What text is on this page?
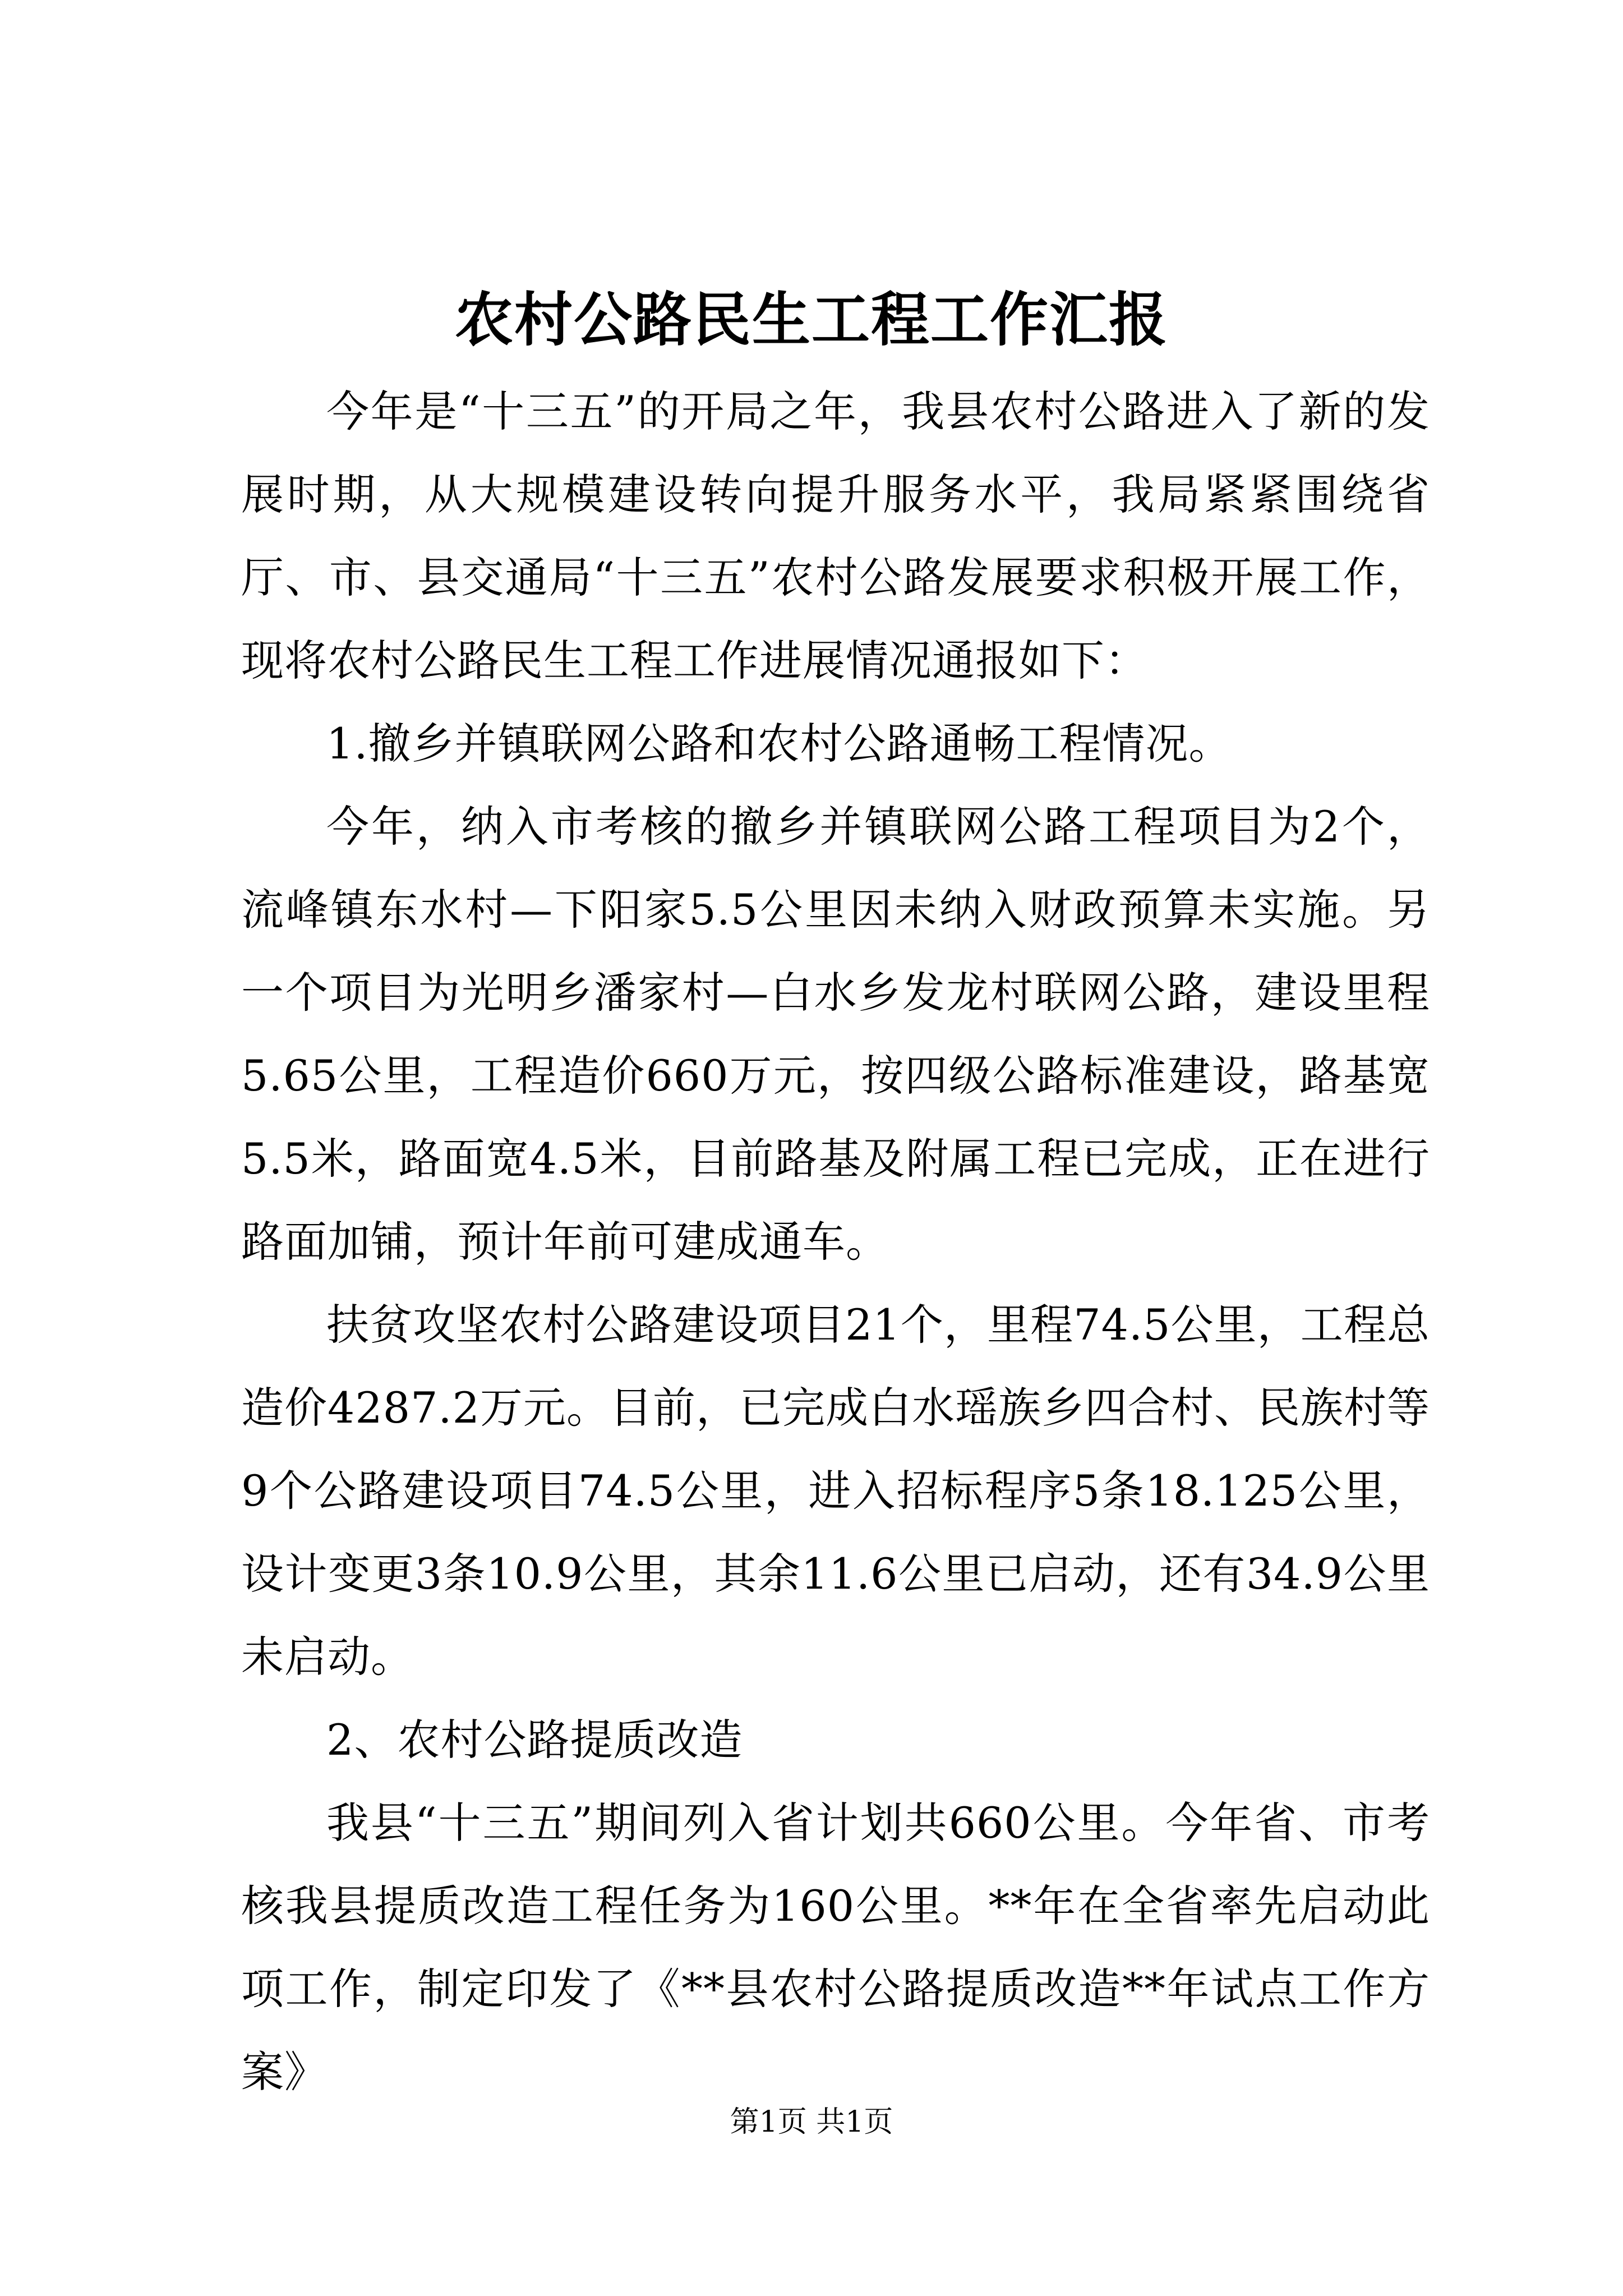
农村公路民生工程工作汇报

今年是“十三五”的开局之年，我县农村公路进入了新的发展时期，从大规模建设转向提升服务水平，我局紧紧围绕省厅、市、县交通局“十三五”农村公路发展要求积极开展工作，现将农村公路民生工程工作进展情况通报如下：

1.撤乡并镇联网公路和农村公路通畅工程情况。

今年，纳入市考核的撤乡并镇联网公路工程项目为2个，流峰镇东水村—下阳家5.5公里因未纳入财政预算未实施。另一个项目为光明乡潘家村—白水乡发龙村联网公路，建设里程5.65公里，工程造价660万元，按四级公路标准建设，路基宽5.5米，路面宽4.5米，目前路基及附属工程已完成，正在进行路面加铺，预计年前可建成通车。

扶贫攻坚农村公路建设项目21个，里程74.5公里，工程总造价4287.2万元。目前，已完成白水瑶族乡四合村、民族村等9个公路建设项目74.5公里，进入招标程序5条18.125公里，设计变更3条10.9公里，其余11.6公里已启动，还有34.9公里未启动。

2、农村公路提质改造

我县“十三五”期间列入省计划共660公里。今年省、市考核我县提质改造工程任务为160公里。**年在全省率先启动此项工作，制定印发了《**县农村公路提质改造**年试点工作方案》

第1页 共1页
